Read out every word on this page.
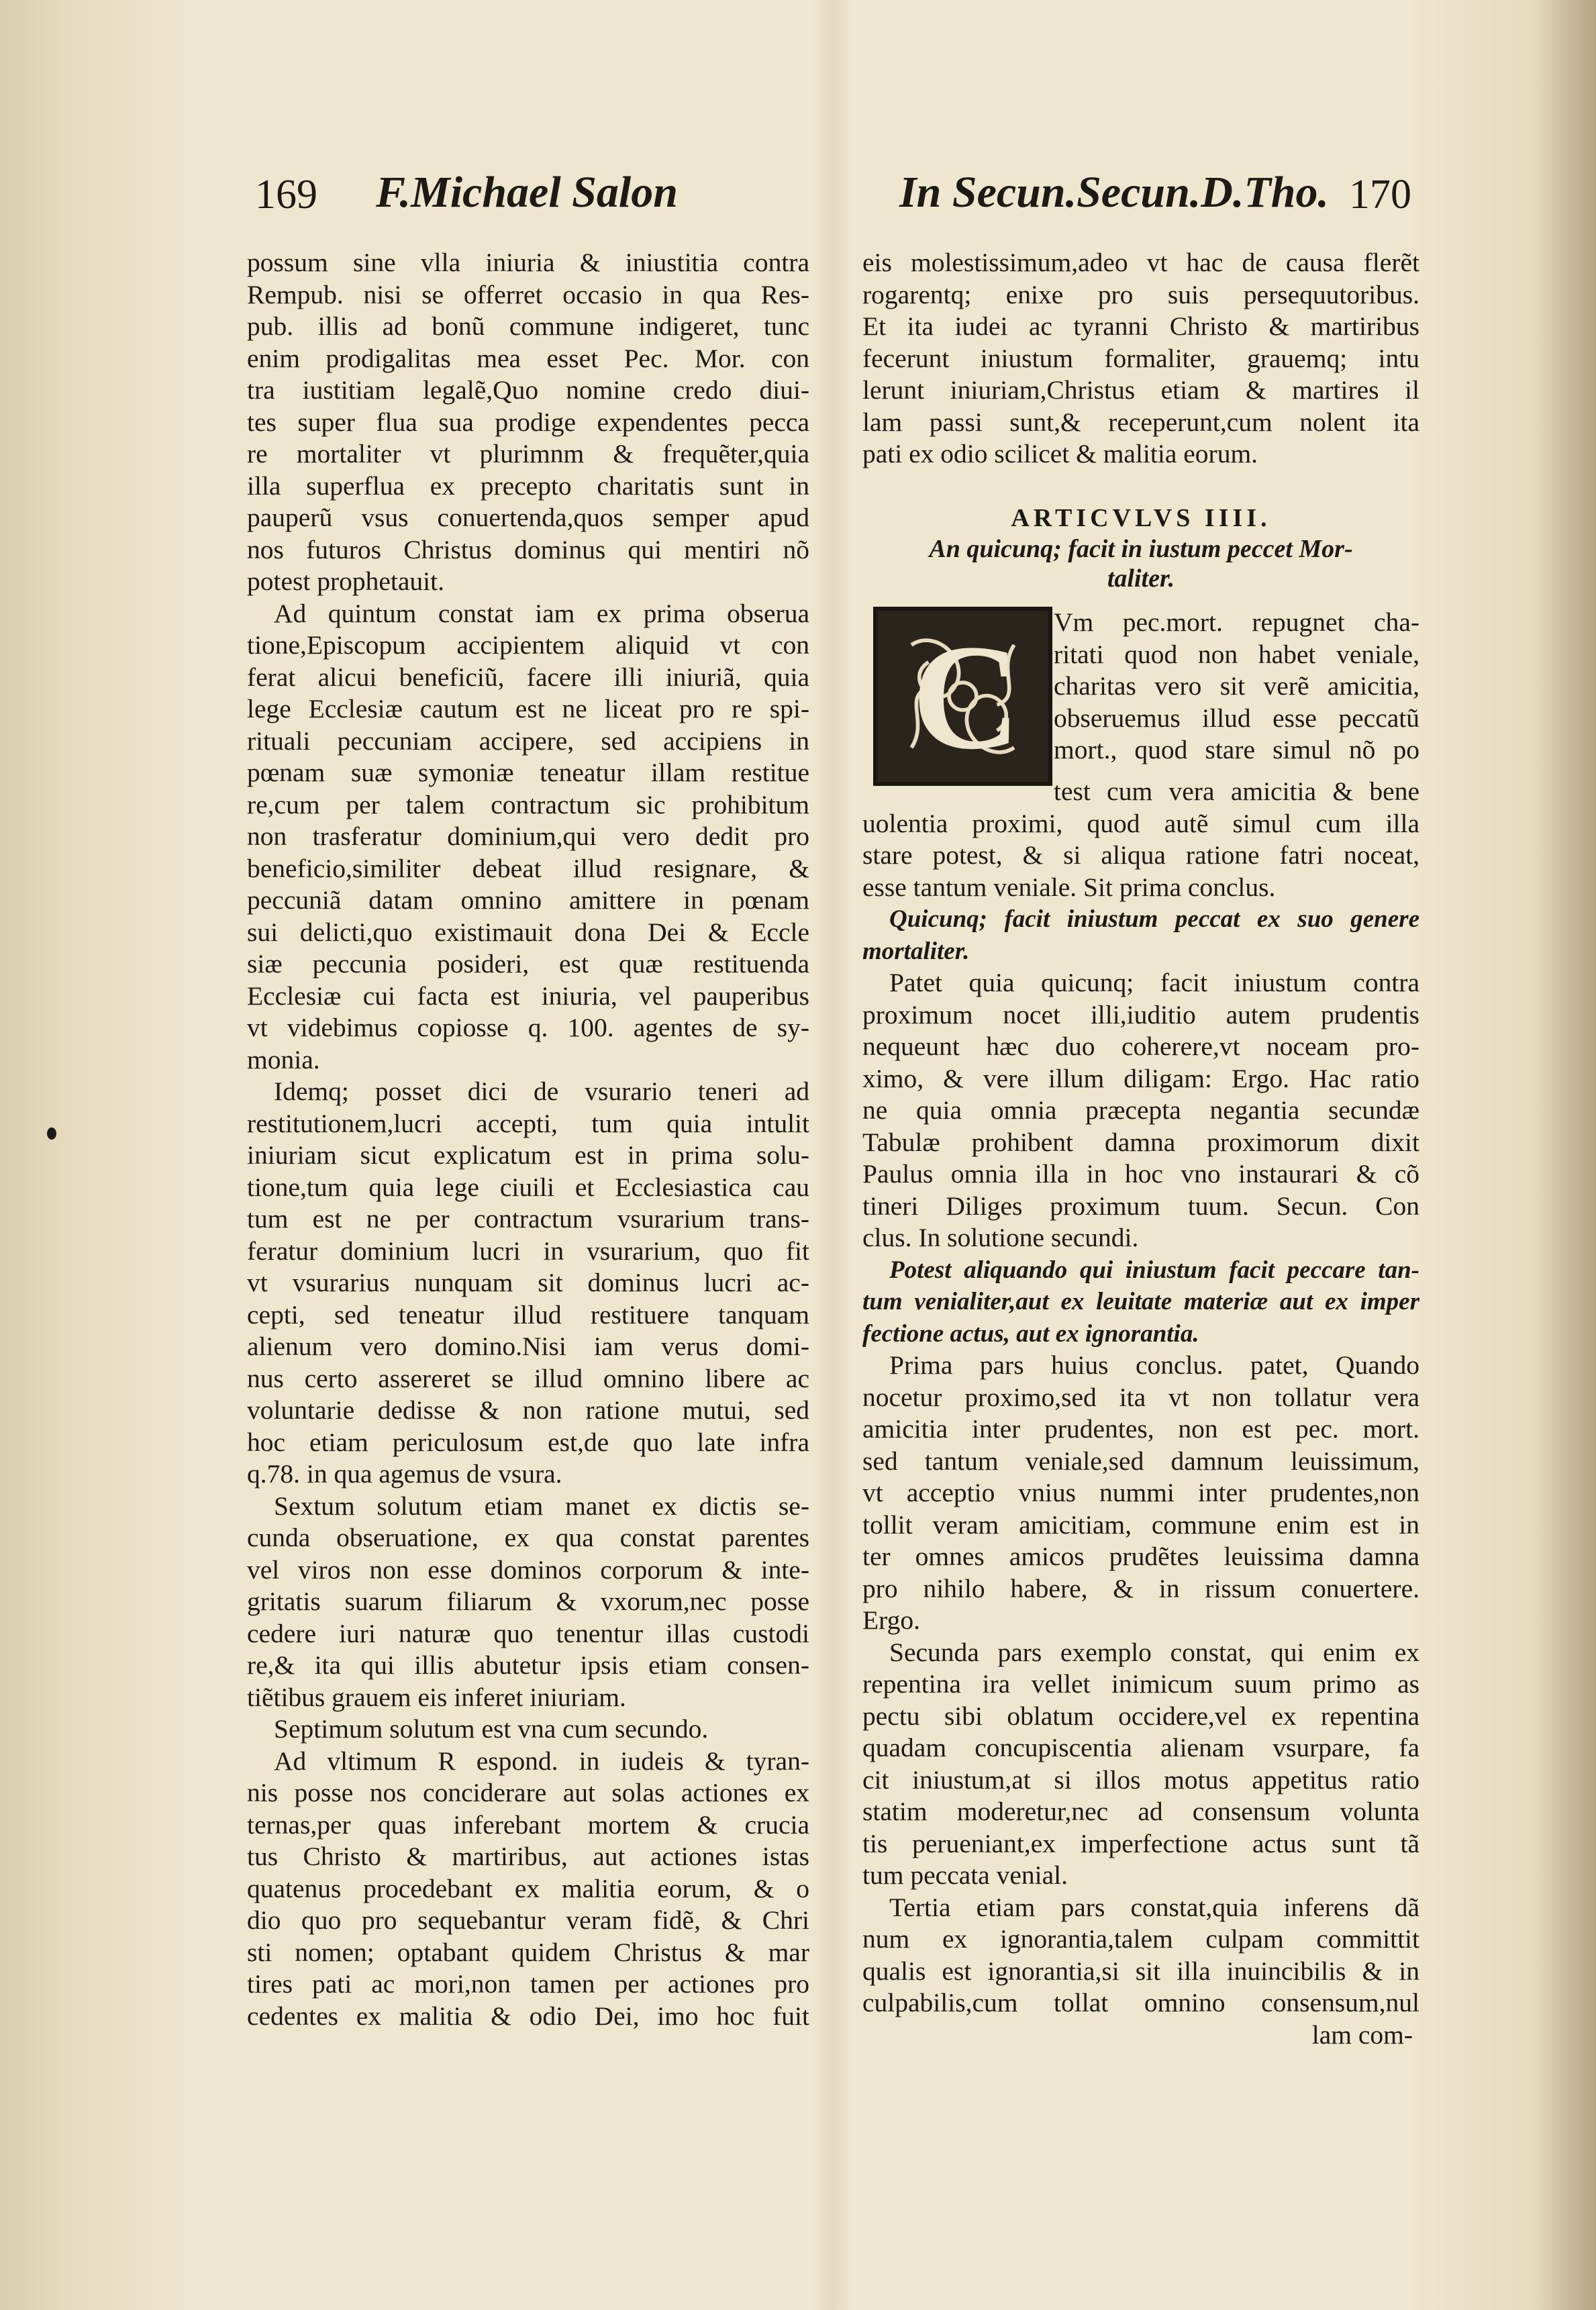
169 F.Michael Salon	In Secun.Secun.D.Tho. 170
possum sine vlla iniuria & iniustitia contra
Rempub. nisi se offerret occasio in qua Res-
pub. illis ad bonũ commune indigeret, tunc
enim prodigalitas mea esset Pec. Mor. con
tra iustitiam legalẽ,Quo nomine credo diui-
tes super flua sua prodige expendentes pecca
re mortaliter vt plurimnm & frequẽter,quia
illa superflua ex precepto charitatis sunt in
pauperũ vsus conuertenda,quos semper apud
nos futuros Christus dominus qui mentiri nõ
potest prophetauit.
Ad quintum constat iam ex prima obserua
tione,Episcopum accipientem aliquid vt con
ferat alicui beneficiũ, facere illi iniuriã, quia
lege Ecclesiæ cautum est ne liceat pro re spi-
rituali peccuniam accipere, sed accipiens in
pœnam suæ symoniæ teneatur illam restitue
re,cum per talem contractum sic prohibitum
non trasferatur dominium,qui vero dedit pro
beneficio,similiter debeat illud resignare, &
peccuniã datam omnino amittere in pœnam
sui delicti,quo existimauit dona Dei & Eccle
siæ peccunia posideri, est quæ restituenda
Ecclesiæ cui facta est iniuria, vel pauperibus
vt videbimus copiosse q. 100. agentes de sy-
monia.
Idemq; posset dici de vsurario teneri ad
restitutionem,lucri accepti, tum quia intulit
iniuriam sicut explicatum est in prima solu-
tione,tum quia lege ciuili et Ecclesiastica cau
tum est ne per contractum vsurarium trans-
feratur dominium lucri in vsurarium, quo fit
vt vsurarius nunquam sit dominus lucri ac-
cepti, sed teneatur illud restituere tanquam
alienum vero domino.Nisi iam verus domi-
nus certo assereret se illud omnino libere ac
voluntarie dedisse & non ratione mutui, sed
hoc etiam periculosum est,de quo late infra
q.78. in qua agemus de vsura.
Sextum solutum etiam manet ex dictis se-
cunda obseruatione, ex qua constat parentes
vel viros non esse dominos corporum & inte-
gritatis suarum filiarum & vxorum,nec posse
cedere iuri naturæ quo tenentur illas custodi
re,& ita qui illis abutetur ipsis etiam consen-
tiẽtibus grauem eis inferet iniuriam.
Septimum solutum est vna cum secundo.
Ad vltimum R espond. in iudeis & tyran-
nis posse nos conciderare aut solas actiones ex
ternas,per quas inferebant mortem & crucia
tus Christo & martiribus, aut actiones istas
quatenus procedebant ex malitia eorum, & o
dio quo pro sequebantur veram fidẽ, & Chri
sti nomen; optabant quidem Christus & mar
tires pati ac mori,non tamen per actiones pro
cedentes ex malitia & odio Dei, imo hoc fuit
eis molestissimum,adeo vt hac de causa flerẽt
rogarentq; enixe pro suis persequutoribus.
Et ita iudei ac tyranni Christo & martiribus
fecerunt iniustum formaliter, grauemq; intu
lerunt iniuriam,Christus etiam & martires il
lam passi sunt,& receperunt,cum nolent ita
pati ex odio scilicet & malitia eorum.
ARTICVLVS IIII.
An quicunq; facit in iustum peccet Mor-
taliter.
C Vm pec.mort. repugnet cha-
ritati quod non habet veniale,
charitas vero sit verẽ amicitia,
obseruemus illud esse peccatũ
mort., quod stare simul nõ po
test cum vera amicitia & bene
uolentia proximi, quod autẽ simul cum illa
stare potest, & si aliqua ratione fatri noceat,
esse tantum veniale. Sit prima conclus.
Quicunq; facit iniustum peccat ex suo genere
mortaliter.
Patet quia quicunq; facit iniustum contra
proximum nocet illi,iuditio autem prudentis
nequeunt hæc duo coherere,vt noceam pro-
ximo, & vere illum diligam: Ergo. Hac ratio
ne quia omnia præcepta negantia secundæ
Tabulæ prohibent damna proximorum dixit
Paulus omnia illa in hoc vno instaurari & cõ
tineri Diliges proximum tuum. Secun. Con
clus. In solutione secundi.
Potest aliquando qui iniustum facit peccare tan-
tum venialiter,aut ex leuitate materiæ aut ex imper
fectione actus, aut ex ignorantia.
Prima pars huius conclus. patet, Quando
nocetur proximo,sed ita vt non tollatur vera
amicitia inter prudentes, non est pec. mort.
sed tantum veniale,sed damnum leuissimum,
vt acceptio vnius nummi inter prudentes,non
tollit veram amicitiam, commune enim est in
ter omnes amicos prudẽtes leuissima damna
pro nihilo habere, & in rissum conuertere.
Ergo.
Secunda pars exemplo constat, qui enim ex
repentina ira vellet inimicum suum primo as
pectu sibi oblatum occidere,vel ex repentina
quadam concupiscentia alienam vsurpare, fa
cit iniustum,at si illos motus appetitus ratio
statim moderetur,nec ad consensum volunta
tis perueniant,ex imperfectione actus sunt tã
tum peccata venial.
Tertia etiam pars constat,quia inferens dã
num ex ignorantia,talem culpam committit
qualis est ignorantia,si sit illa inuincibilis & in
culpabilis,cum tollat omnino consensum,nul
lam com-
